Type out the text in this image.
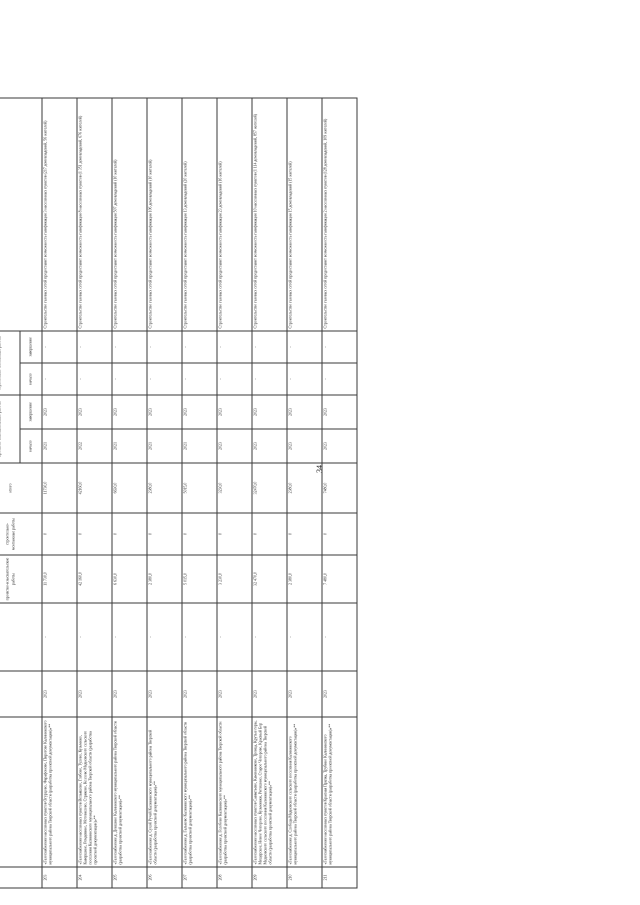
34

				проектно-изыскательские работы	строительно-монтажные работы	итого		
							начало	завершение	начало	завершение	
203	«Газоснабжение населенных пунктов Огурцово, Фарафоново, Пирогово Калининского муниципального района Тверской области (разработка проектной документации)»**	2023	-	11 730,0	0	11730,0	2021	2023	-	-	Строительство газовых сетей предоставит возможность газификации 3 населенных пунктов (217 домовладений, 56 жителей)
204	«Газоснабжение населенных пунктов Вельяшево, Глебово, Тулово, Кузьмино, Кавершино, Ремдевино, Мотовилово, Стряково, Козлово Медновского сельского поселения Калининского муниципального района Тверской области (разработка проектной документации)»**	2023	-	42 160,0	0	42160,0	2022	2023	-	-	Строительство газовых сетей предоставит возможность газификации 8 населенных пунктов (1 351 домовладений, 676 жителей)
205	«Газоснабжение д. Доншино Калининского муниципального района Тверской области (разработка проектной документации)»**	2023	-	6 630,0	0	6630,0	2021	2023	-	-	Строительство газовых сетей предоставит возможность газификации 507 домовладений (10 жителей)
206	«Газоснабжение д. Сухой Ручей Калининского муниципального района Тверской области (разработка проектной документации)»**	2023	-	2 380,0	0	2380,0	2021	2023	-	-	Строительство газовых сетей предоставит возможность газификации 106 домовладений (10 жителей)
207	«Газоснабжение д. Гальково Калининского муниципального района Тверской области (разработка проектной документации)»**	2023	-	5 015,0	0	5015,0	2021	2023	-	-	Строительство газовых сетей предоставит возможность газификации 13 домовладений (20 жителей)
208	«Газоснабжение д. Голобово Калининского муниципального района Тверской области (разработка проектной документации)»**	2023	-	3 230,0	0	3230,0	2023	2023	-	-	Строительство газовых сетей предоставит возможность газификации 23 домовладений (16 жителей)
209	«Газоснабжение населенных пунктов Савватьево, Каменниково, Троица, Крутые горы, Мещерское, Новое Чопорово, Кузьминки, Ритешино, Старое Чопорово, Красный Бор Медновского сельского поселения Калининского муниципального района Тверской области (разработка проектной документации)»**	2023	-	32 470,0	0	32470,0	2023	2023	-	-	Строительство газовых сетей предоставит возможность газификации 10 населенных пунктов (1 114 домовладений, 857 жителей)
210	«Газоснабжение д. Слобода Медновского сельского поселения Калининского муниципального района Тверской области (разработка проектной документации)»**	2023	-	2 380,0	0	2380,0	2023	2023	-	-	Строительство газовых сетей предоставит возможность газификации 15 домовладений (15 жителей)
211	«Газоснабжение населенных пунктов Красная Прялка, Трубино Калининского муниципального района Тверской области (разработка проектной документации)»**	2023	-	7 480,0	0	7480,0	2023	2023	-	-	Строительство газовых сетей предоставит возможность газификации 2 населенных пунктов (128 домовладений, 109 жителей)
